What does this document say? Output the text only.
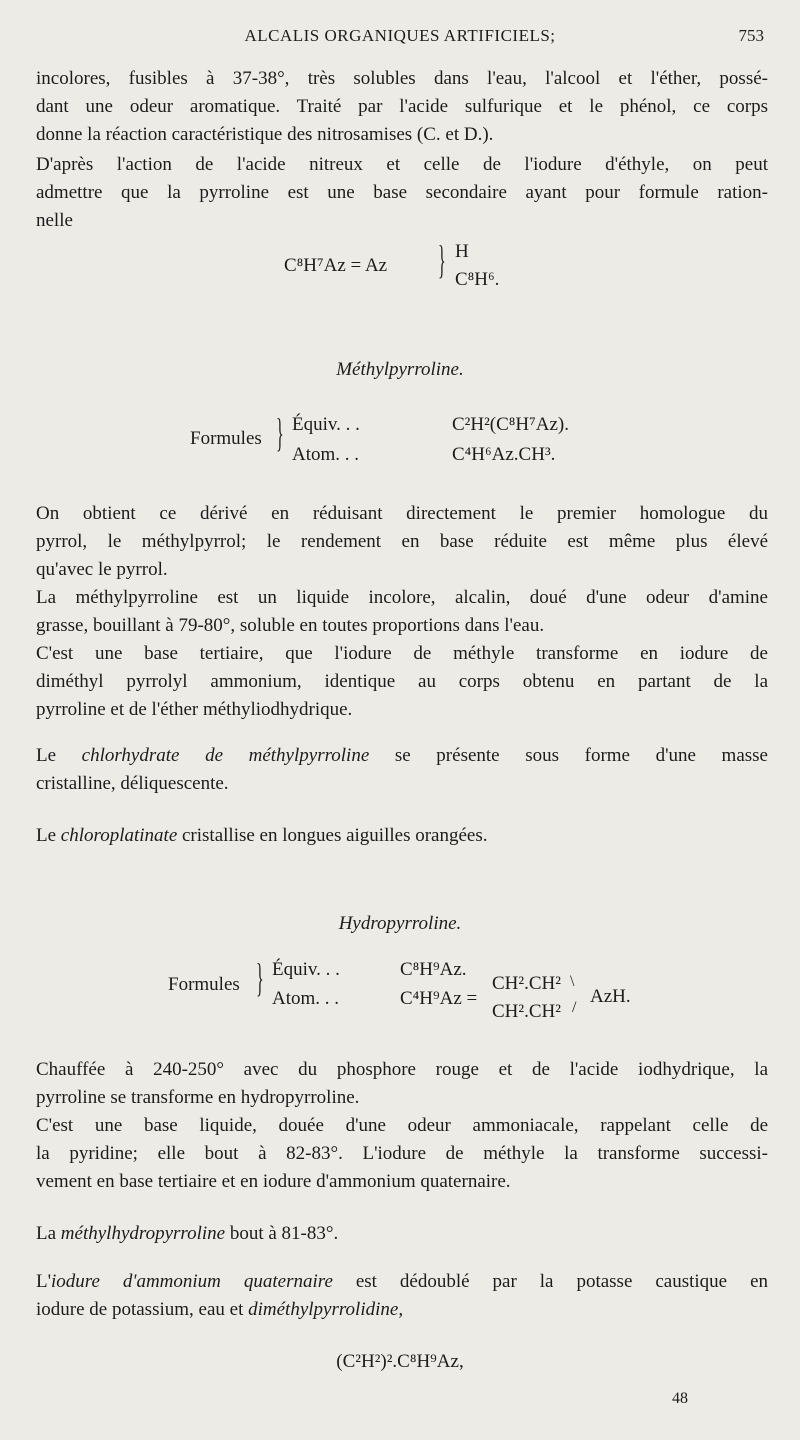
ALCALIS ORGANIQUES ARTIFICIELS;	753
incolores, fusibles à 37-38°, très solubles dans l'eau, l'alcool et l'éther, possé-
dant une odeur aromatique. Traité par l'acide sulfurique et le phénol, ce corps
donne la réaction caractéristique des nitrosamises (C. et D.).
D'après l'action de l'acide nitreux et celle de l'iodure d'éthyle, on peut
admettre que la pyrroline est une base secondaire ayant pour formule ration-
nelle
C⁸H⁷Az = Az } H
C⁸H⁶.
Méthylpyrroline.
Formules } Équiv. . .	C²H²(C⁸H⁷Az).
Atom. . .	C⁴H⁶Az.CH³.
On obtient ce dérivé en réduisant directement le premier homologue du
pyrrol, le méthylpyrrol; le rendement en base réduite est même plus élevé
qu'avec le pyrrol.
La méthylpyrroline est un liquide incolore, alcalin, doué d'une odeur d'amine
grasse, bouillant à 79-80°, soluble en toutes proportions dans l'eau.
C'est une base tertiaire, que l'iodure de méthyle transforme en iodure de
diméthyl pyrrolyl ammonium, identique au corps obtenu en partant de la
pyrroline et de l'éther méthyliodhydrique.
Le chlorhydrate de méthylpyrroline se présente sous forme d'une masse
cristalline, déliquescente.
Le chloroplatinate cristallise en longues aiguilles orangées.
Hydropyrroline.
Formules } Équiv. . .	C⁸H⁹Az.
Atom. . .	C⁴H⁹Az =
CH².CH²
CH².CH²
\
/
AzH.
Chauffée à 240-250° avec du phosphore rouge et de l'acide iodhydrique, la
pyrroline se transforme en hydropyrroline.
C'est une base liquide, douée d'une odeur ammoniacale, rappelant celle de
la pyridine; elle bout à 82-83°. L'iodure de méthyle la transforme successi-
vement en base tertiaire et en iodure d'ammonium quaternaire.
La méthylhydropyrroline bout à 81-83°.
L'iodure d'ammonium quaternaire est dédoublé par la potasse caustique en
iodure de potassium, eau et diméthylpyrrolidine,
(C²H²)².C⁸H⁹Az,
48
